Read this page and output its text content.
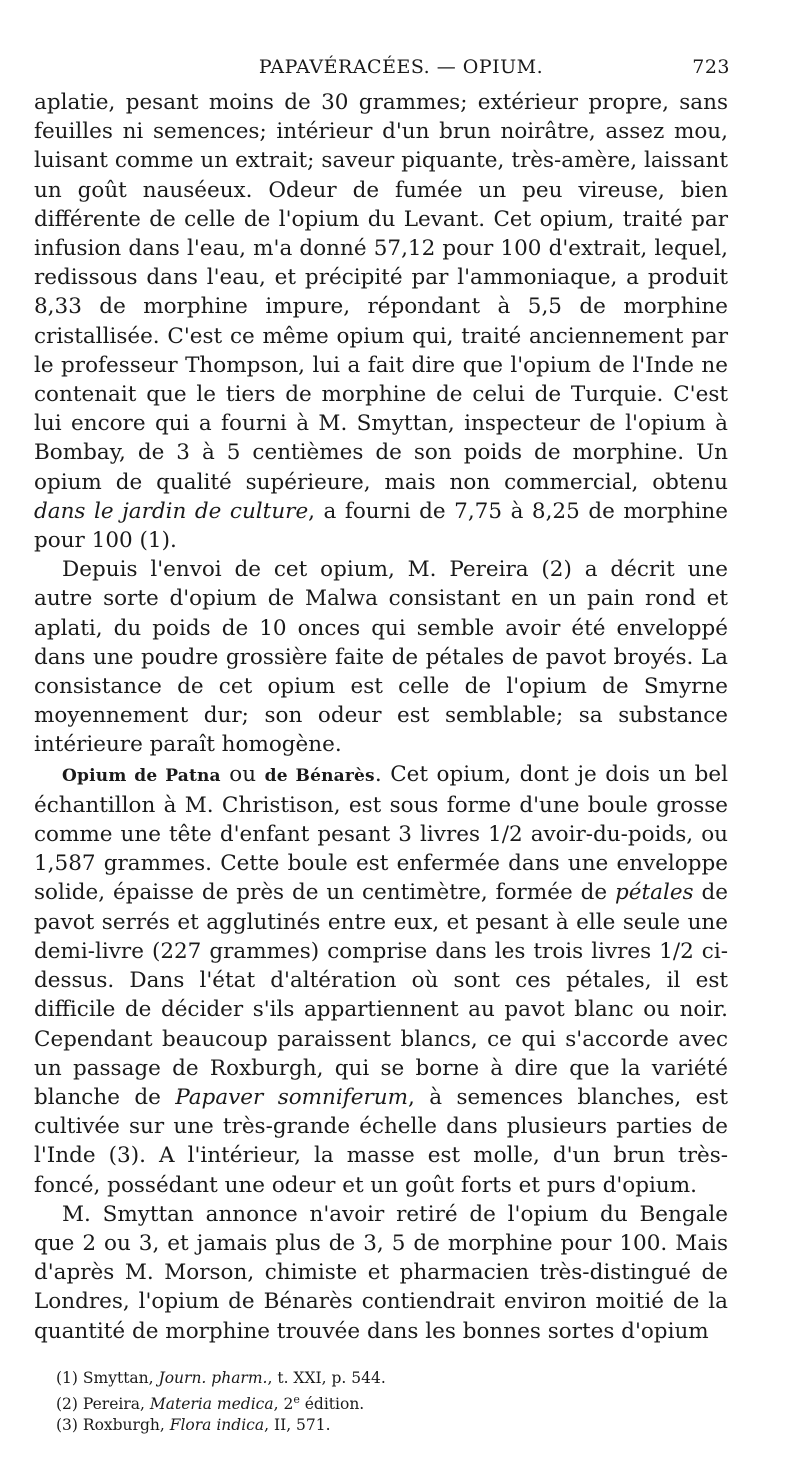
PAPAVÉRACÉES. — OPIUM.	723

aplatie, pesant moins de 30 grammes; extérieur propre, sans feuilles ni semences; intérieur d'un brun noirâtre, assez mou, luisant comme un extrait; saveur piquante, très-amère, laissant un goût nauséeux. Odeur de fumée un peu vireuse, bien différente de celle de l'opium du Levant. Cet opium, traité par infusion dans l'eau, m'a donné 57,12 pour 100 d'extrait, lequel, redissous dans l'eau, et précipité par l'ammoniaque, a produit 8,33 de morphine impure, répondant à 5,5 de morphine cristallisée. C'est ce même opium qui, traité anciennement par le professeur Thompson, lui a fait dire que l'opium de l'Inde ne contenait que le tiers de morphine de celui de Turquie. C'est lui encore qui a fourni à M. Smyttan, inspecteur de l'opium à Bombay, de 3 à 5 centièmes de son poids de morphine. Un opium de qualité supérieure, mais non commercial, obtenu dans le jardin de culture, a fourni de 7,75 à 8,25 de morphine pour 100 (1).

Depuis l'envoi de cet opium, M. Pereira (2) a décrit une autre sorte d'opium de Malwa consistant en un pain rond et aplati, du poids de 10 onces qui semble avoir été enveloppé dans une poudre grossière faite de pétales de pavot broyés. La consistance de cet opium est celle de l'opium de Smyrne moyennement dur; son odeur est semblable; sa substance intérieure paraît homogène.

Opium de Patna ou de Bénarès. Cet opium, dont je dois un bel échantillon à M. Christison, est sous forme d'une boule grosse comme une tête d'enfant pesant 3 livres 1/2 avoir-du-poids, ou 1,587 grammes. Cette boule est enfermée dans une enveloppe solide, épaisse de près de un centimètre, formée de pétales de pavot serrés et agglutinés entre eux, et pesant à elle seule une demi-livre (227 grammes) comprise dans les trois livres 1/2 ci-dessus. Dans l'état d'altération où sont ces pétales, il est difficile de décider s'ils appartiennent au pavot blanc ou noir. Cependant beaucoup paraissent blancs, ce qui s'accorde avec un passage de Roxburgh, qui se borne à dire que la variété blanche de Papaver somniferum, à semences blanches, est cultivée sur une très-grande échelle dans plusieurs parties de l'Inde (3). A l'intérieur, la masse est molle, d'un brun très-foncé, possédant une odeur et un goût forts et purs d'opium.

M. Smyttan annonce n'avoir retiré de l'opium du Bengale que 2 ou 3, et jamais plus de 3, 5 de morphine pour 100. Mais d'après M. Morson, chimiste et pharmacien très-distingué de Londres, l'opium de Bénarès contiendrait environ moitié de la quantité de morphine trouvée dans les bonnes sortes d'opium

(1) Smyttan, Journ. pharm., t. XXI, p. 544.
(2) Pereira, Materia medica, 2e édition.
(3) Roxburgh, Flora indica, II, 571.
